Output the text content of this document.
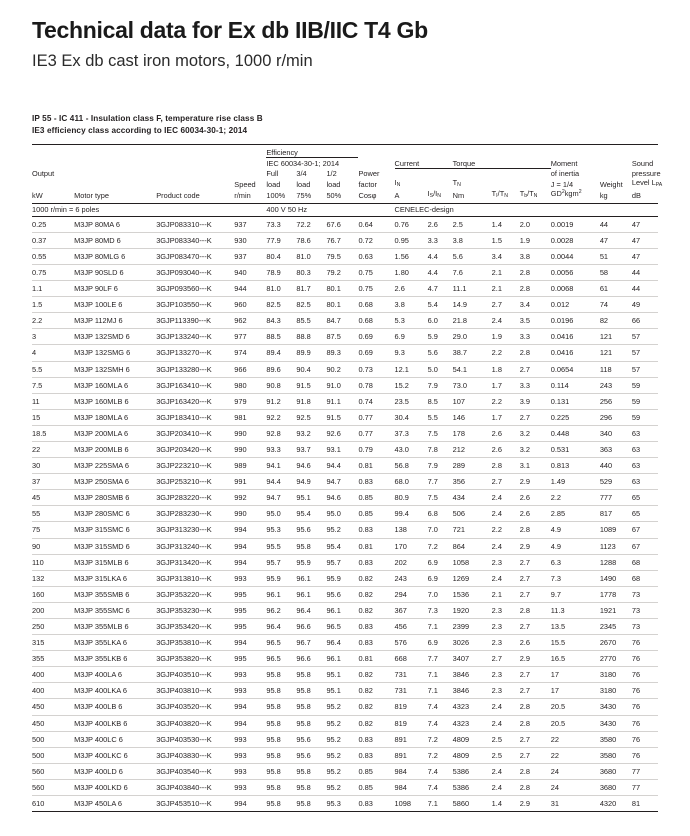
Technical data for Ex db IIB/IIC T4 Gb
IE3 Ex db cast iron motors, 1000 r/min
IP 55 - IC 411 - Insulation class F, temperature rise class B
IE3 efficiency class according to IEC 60034-30-1; 2014

				Efficiency											
				IEC 60034-30-1; 2014				Current		Torque			Moment		Sound
Output				Full	3/4	1/2	Power						of inertia		pressure
			Speed	load	load	load	factor	$I_N$		$T_N$			J = 1/4	Weight	Level $L_{PA}$
kW	Motor type	Product code	r/min	100%	75%	50%	Cosφ	A	$I_S/I_N$	Nm	$T_I/T_N$	$T_b/T_N$	$GD^2kgm^2$	kg	dB

1000 r/min = 6 poles				400 V 50 Hz				CENELEC-design							
0.25	M3JP 80MA 6	3GJP083310---K	937	73.3	72.2	67.6	0.64	0.76	2.6	2.5	1.4	2.0	0.0019	44	47
0.37	M3JP 80MD 6	3GJP083340---K	930	77.9	78.6	76.7	0.72	0.95	3.3	3.8	1.5	1.9	0.0028	47	47
0.55	M3JP 80MLG 6	3GJP083470---K	937	80.4	81.0	79.5	0.63	1.56	4.4	5.6	3.4	3.8	0.0044	51	47
0.75	M3JP 90SLD 6	3GJP093040---K	940	78.9	80.3	79.2	0.75	1.80	4.4	7.6	2.1	2.8	0.0056	58	44
1.1	M3JP 90LF 6	3GJP093560---K	944	81.0	81.7	80.1	0.75	2.6	4.7	11.1	2.1	2.8	0.0068	61	44
1.5	M3JP 100LE 6	3GJP103550---K	960	82.5	82.5	80.1	0.68	3.8	5.4	14.9	2.7	3.4	0.012	74	49
2.2	M3JP 112MJ 6	3GJP113390---K	962	84.3	85.5	84.7	0.68	5.3	6.0	21.8	2.4	3.5	0.0196	82	66
3	M3JP 132SMD 6	3GJP133240---K	977	88.5	88.8	87.5	0.69	6.9	5.9	29.0	1.9	3.3	0.0416	121	57
4	M3JP 132SMG 6	3GJP133270---K	974	89.4	89.9	89.3	0.69	9.3	5.6	38.7	2.2	2.8	0.0416	121	57
5.5	M3JP 132SMH 6	3GJP133280---K	966	89.6	90.4	90.2	0.73	12.1	5.0	54.1	1.8	2.7	0.0654	118	57
7.5	M3JP 160MLA 6	3GJP163410---K	980	90.8	91.5	91.0	0.78	15.2	7.9	73.0	1.7	3.3	0.114	243	59
11	M3JP 160MLB 6	3GJP163420---K	979	91.2	91.8	91.1	0.74	23.5	8.5	107	2.2	3.9	0.131	256	59
15	M3JP 180MLA 6	3GJP183410---K	981	92.2	92.5	91.5	0.77	30.4	5.5	146	1.7	2.7	0.225	296	59
18.5	M3JP 200MLA 6	3GJP203410---K	990	92.8	93.2	92.6	0.77	37.3	7.5	178	2.6	3.2	0.448	340	63
22	M3JP 200MLB 6	3GJP203420---K	990	93.3	93.7	93.1	0.79	43.0	7.8	212	2.6	3.2	0.531	363	63
30	M3JP 225SMA 6	3GJP223210---K	989	94.1	94.6	94.4	0.81	56.8	7.9	289	2.8	3.1	0.813	440	63
37	M3JP 250SMA 6	3GJP253210---K	991	94.4	94.9	94.7	0.83	68.0	7.7	356	2.7	2.9	1.49	529	63
45	M3JP 280SMB 6	3GJP283220---K	992	94.7	95.1	94.6	0.85	80.9	7.5	434	2.4	2.6	2.2	777	65
55	M3JP 280SMC 6	3GJP283230---K	990	95.0	95.4	95.0	0.85	99.4	6.8	506	2.4	2.6	2.85	817	65
75	M3JP 315SMC 6	3GJP313230---K	994	95.3	95.6	95.2	0.83	138	7.0	721	2.2	2.8	4.9	1089	67
90	M3JP 315SMD 6	3GJP313240---K	994	95.5	95.8	95.4	0.81	170	7.2	864	2.4	2.9	4.9	1123	67
110	M3JP 315MLB 6	3GJP313420---K	994	95.7	95.9	95.7	0.83	202	6.9	1058	2.3	2.7	6.3	1288	68
132	M3JP 315LKA 6	3GJP313810---K	993	95.9	96.1	95.9	0.82	243	6.9	1269	2.4	2.7	7.3	1490	68
160	M3JP 355SMB 6	3GJP353220---K	995	96.1	96.1	95.6	0.82	294	7.0	1536	2.1	2.7	9.7	1778	73
200	M3JP 355SMC 6	3GJP353230---K	995	96.2	96.4	96.1	0.82	367	7.3	1920	2.3	2.8	11.3	1921	73
250	M3JP 355MLB 6	3GJP353420---K	995	96.4	96.6	96.5	0.83	456	7.1	2399	2.3	2.7	13.5	2345	73
315	M3JP 355LKA 6	3GJP353810---K	994	96.5	96.7	96.4	0.83	576	6.9	3026	2.3	2.6	15.5	2670	76
355	M3JP 355LKB 6	3GJP353820---K	995	96.5	96.6	96.1	0.81	668	7.7	3407	2.7	2.9	16.5	2770	76
400	M3JP 400LA 6	3GJP403510---K	993	95.8	95.8	95.1	0.82	731	7.1	3846	2.3	2.7	17	3180	76
400	M3JP 400LKA 6	3GJP403810---K	993	95.8	95.8	95.1	0.82	731	7.1	3846	2.3	2.7	17	3180	76
450	M3JP 400LB 6	3GJP403520---K	994	95.8	95.8	95.2	0.82	819	7.4	4323	2.4	2.8	20.5	3430	76
450	M3JP 400LKB 6	3GJP403820---K	994	95.8	95.8	95.2	0.82	819	7.4	4323	2.4	2.8	20.5	3430	76
500	M3JP 400LC 6	3GJP403530---K	993	95.8	95.6	95.2	0.83	891	7.2	4809	2.5	2.7	22	3580	76
500	M3JP 400LKC 6	3GJP403830---K	993	95.8	95.6	95.2	0.83	891	7.2	4809	2.5	2.7	22	3580	76
560	M3JP 400LD 6	3GJP403540---K	993	95.8	95.8	95.2	0.85	984	7.4	5386	2.4	2.8	24	3680	77
560	M3JP 400LKD 6	3GJP403840---K	993	95.8	95.8	95.2	0.85	984	7.4	5386	2.4	2.8	24	3680	77
610	M3JP 450LA 6	3GJP453510---K	994	95.8	95.8	95.3	0.83	1098	7.1	5860	1.4	2.9	31	4320	81
